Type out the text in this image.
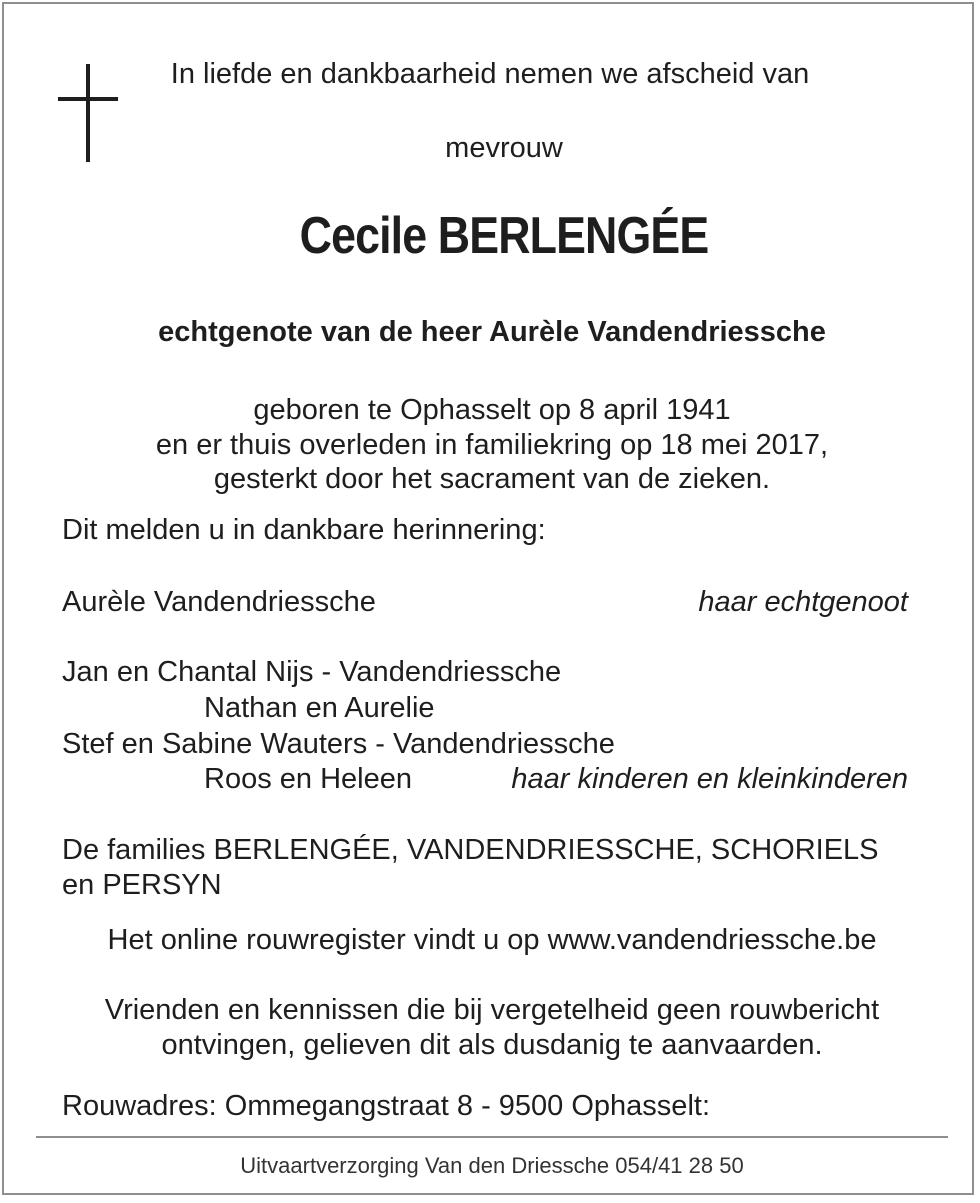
In liefde en dankbaarheid nemen we afscheid van

mevrouw

Cecile BERLENGÉE

echtgenote van de heer Aurèle Vandendriessche

geboren te Ophasselt op 8 april 1941

en er thuis overleden in familiekring op 18 mei 2017,

gesterkt door het sacrament van de zieken.

Dit melden u in dankbare herinnering:

Aurèle Vandendriessche	haar echtgenoot

Jan en Chantal Nijs - Vandendriessche

Nathan en Aurelie

Stef en Sabine Wauters - Vandendriessche

Roos en Heleen	haar kinderen en kleinkinderen

De families BERLENGÉE, VANDENDRIESSCHE, SCHORIELS

en PERSYN

Het online rouwregister vindt u op www.vandendriessche.be

Vrienden en kennissen die bij vergetelheid geen rouwbericht

ontvingen, gelieven dit als dusdanig te aanvaarden.

Rouwadres: Ommegangstraat 8 - 9500 Ophasselt:

Uitvaartverzorging Van den Driessche 054/41 28 50
